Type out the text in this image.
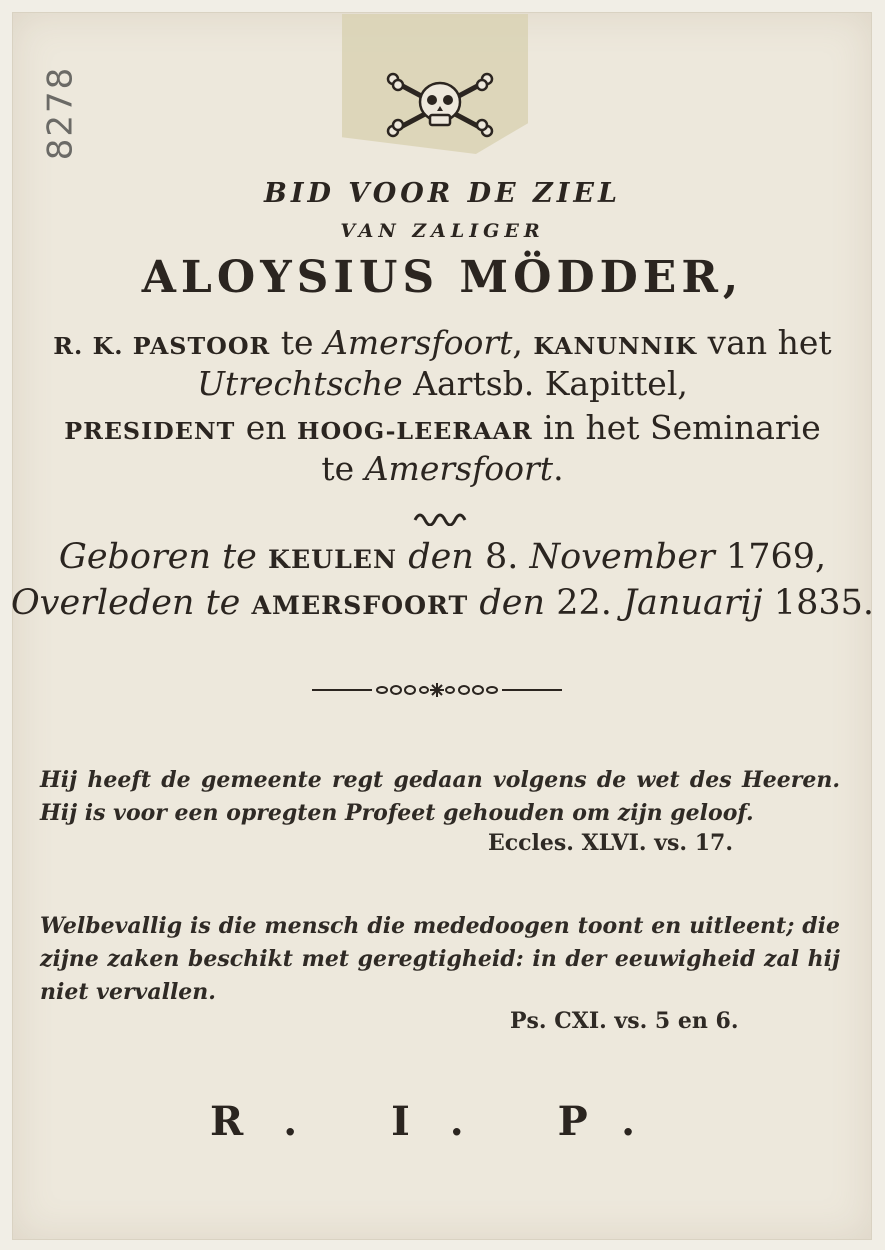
8278
BID VOOR DE ZIEL
VAN ZALIGER
ALOYSIUS MÖDDER,
R. K. PASTOOR te Amersfoort, KANUNNIK van het
Utrechtsche Aartsb. Kapittel,
PRESIDENT en HOOG-LEERAAR in het Seminarie
te Amersfoort.
Geboren te KEULEN den 8. November 1769,
Overleden te AMERSFOORT den 22. Januarij 1835.
Hij heeft de gemeente regt gedaan volgens de wet des Heeren. Hij is voor een opregten Profeet gehouden om zijn geloof.
Eccles. XLVI. vs. 17.
Welbevallig is die mensch die mededoogen toont en uitleent; die zijne zaken beschikt met geregtigheid: in der eeuwigheid zal hij niet vervallen.
Ps. CXI. vs. 5 en 6.
R. I. P.
